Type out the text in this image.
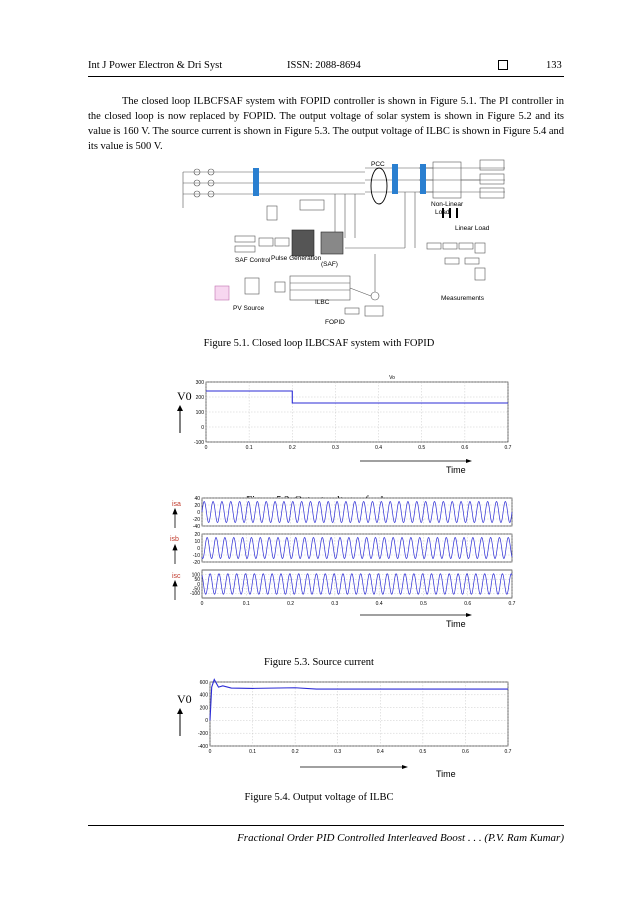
Int J Power Electron & Dri Syst	ISSN: 2088-8694	133

The closed loop ILBCFSAF system with FOPID controller is shown in Figure 5.1. The PI controller in the closed loop is now replaced by FOPID. The output voltage of solar system is shown in Figure 5.2 and its value is 160 V. The source current is shown in Figure 5.3. The output voltage of ILBC is shown in Figure 5.4 and its value is 500 V.

PCC
Non-Linear
Load
Linear Load
SAF Control Pulse Generation
(SAF)
PV Source
ILBC
FOPID
Measurements
Figure 5.1. Closed loop ILBCSAF system with FOPID
V0
300
200
100
0
-100
0	0.1	0.2	0.3	0.4	0.5	0.6	0.7
Vo
Time
40
20
0
-20
-40
20
10
0
-10
-20
100
50
0
-50
-100
0	0.1	0.2	0.3	0.4	0.5	0.6	0.7
isa
isb
isc
Time
Figure 5.3. Source current
V0
600
400
200
0
-200
-400
0	0.1	0.2	0.3	0.4	0.5	0.6	0.7
Time
Figure 5.4. Output voltage of ILBC
Fractional Order PID Controlled Interleaved Boost . . . (P.V. Ram Kumar)
